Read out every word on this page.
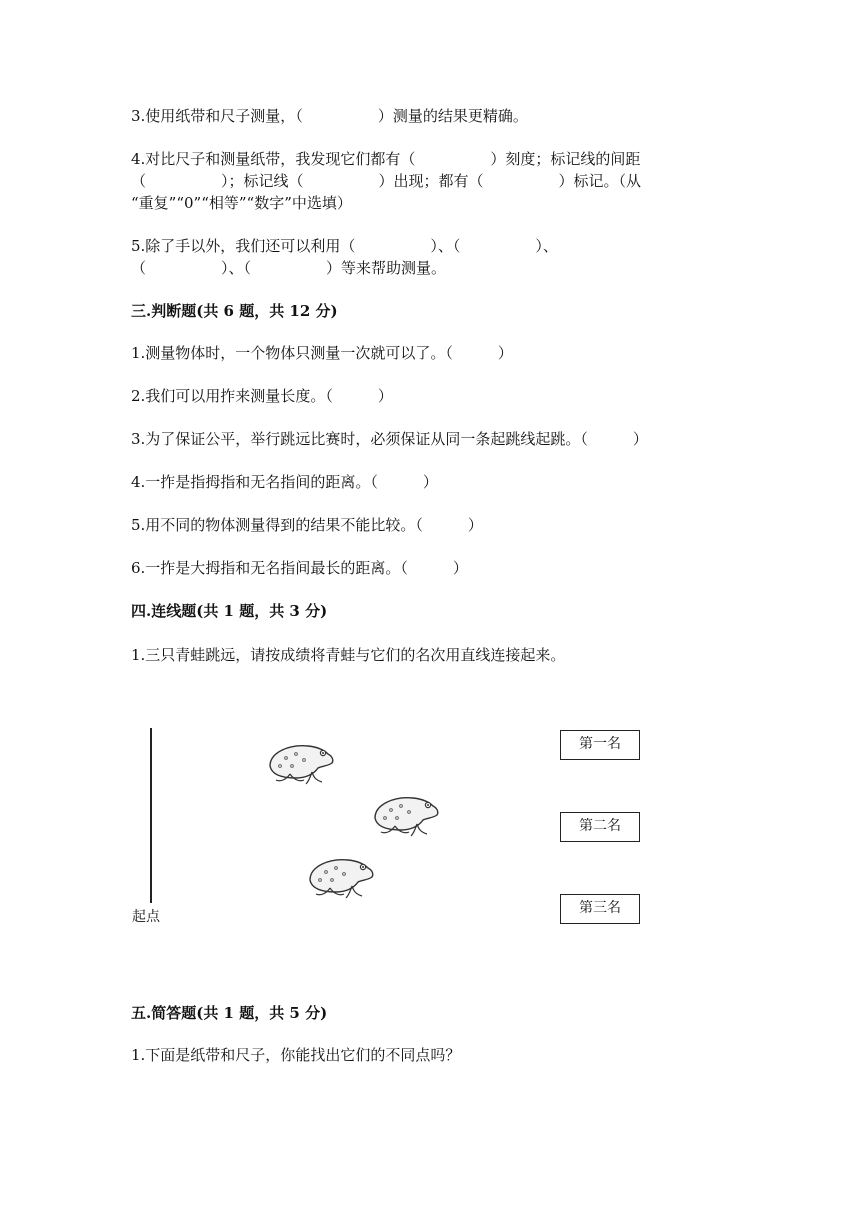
3.使用纸带和尺子测量，（　　　　　）测量的结果更精确。
4.对比尺子和测量纸带，我发现它们都有（　　　　　）刻度；标记线的间距
（　　　　　）；标记线（　　　　　）出现；都有（　　　　　）标记。（从
“重复”“0”“相等”“数字”中选填）
5.除了手以外，我们还可以利用（　　　　　）、（　　　　　）、
（　　　　　）、（　　　　　）等来帮助测量。
三.判断题(共 6 题，共 12 分)
1.测量物体时，一个物体只测量一次就可以了。（　　　）
2.我们可以用拃来测量长度。（　　　）
3.为了保证公平，举行跳远比赛时，必须保证从同一条起跳线起跳。（　　　）
4.一拃是指拇指和无名指间的距离。（　　　）
5.用不同的物体测量得到的结果不能比较。（　　　）
6.一拃是大拇指和无名指间最长的距离。（　　　）
四.连线题(共 1 题，共 3 分)
1.三只青蛙跳远，请按成绩将青蛙与它们的名次用直线连接起来。
起点
第一名
第二名
第三名
五.简答题(共 1 题，共 5 分)
1.下面是纸带和尺子，你能找出它们的不同点吗？
